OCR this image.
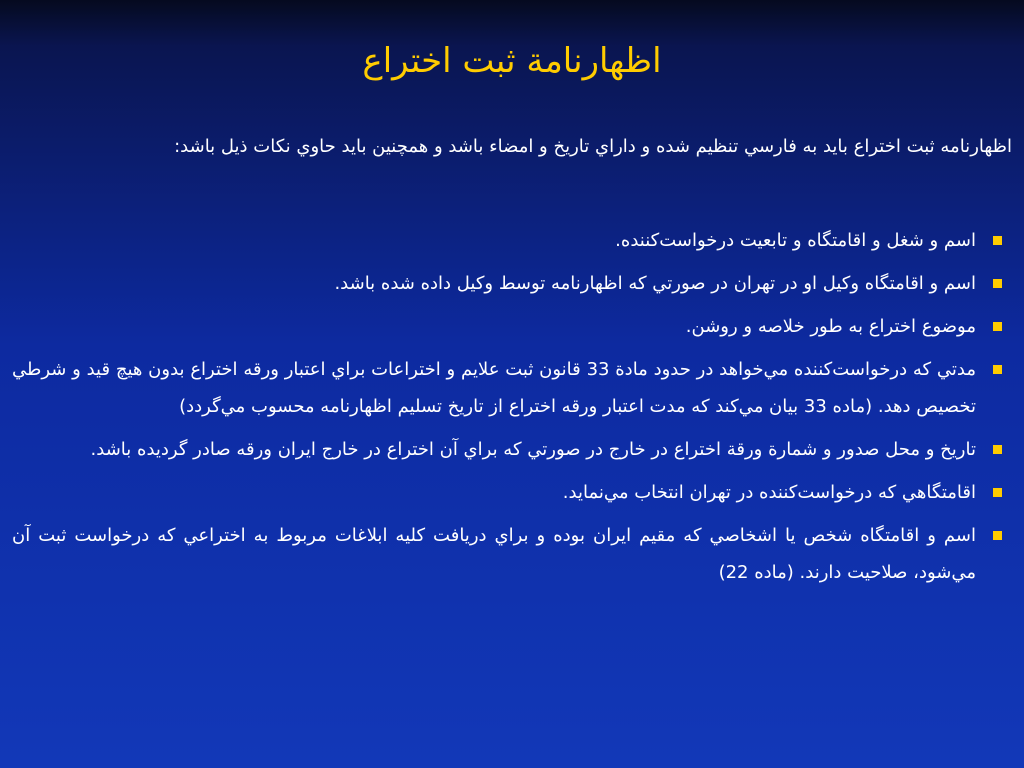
اظهارنامة ثبت اختراع

اظهارنامه ثبت اختراع بايد به فارسي تنظيم شده و داراي تاريخ و امضاء باشد و همچنين بايد حاوي نكات ذيل باشد:

اسم و شغل و اقامتگاه و تابعيت درخواست‌كننده.
اسم و اقامتگاه وكيل او در تهران در صورتي كه اظهارنامه توسط وكيل داده شده باشد.
موضوع اختراع به طور خلاصه و روشن.
مدتي كه درخواست‌كننده مي‌خواهد در حدود مادة 33 قانون ثبت علايم و اختراعات براي اعتبار ورقه اختراع بدون هيچ قيد و شرطي تخصيص دهد. (ماده 33 بيان مي‌كند كه مدت اعتبار ورقه اختراع از تاريخ تسليم اظهارنامه محسوب مي‌گردد)
تاريخ و محل صدور و شمارة ورقة اختراع در خارج در صورتي كه براي آن اختراع در خارج ايران ورقه صادر گرديده باشد.
اقامتگاهي كه درخواست‌كننده در تهران انتخاب مي‌نمايد.
اسم و اقامتگاه شخص يا اشخاصي كه مقيم ايران بوده و براي دريافت كليه ابلاغات مربوط به اختراعي كه درخواست ثبت آن مي‌شود، صلاحيت دارند. (ماده 22)
